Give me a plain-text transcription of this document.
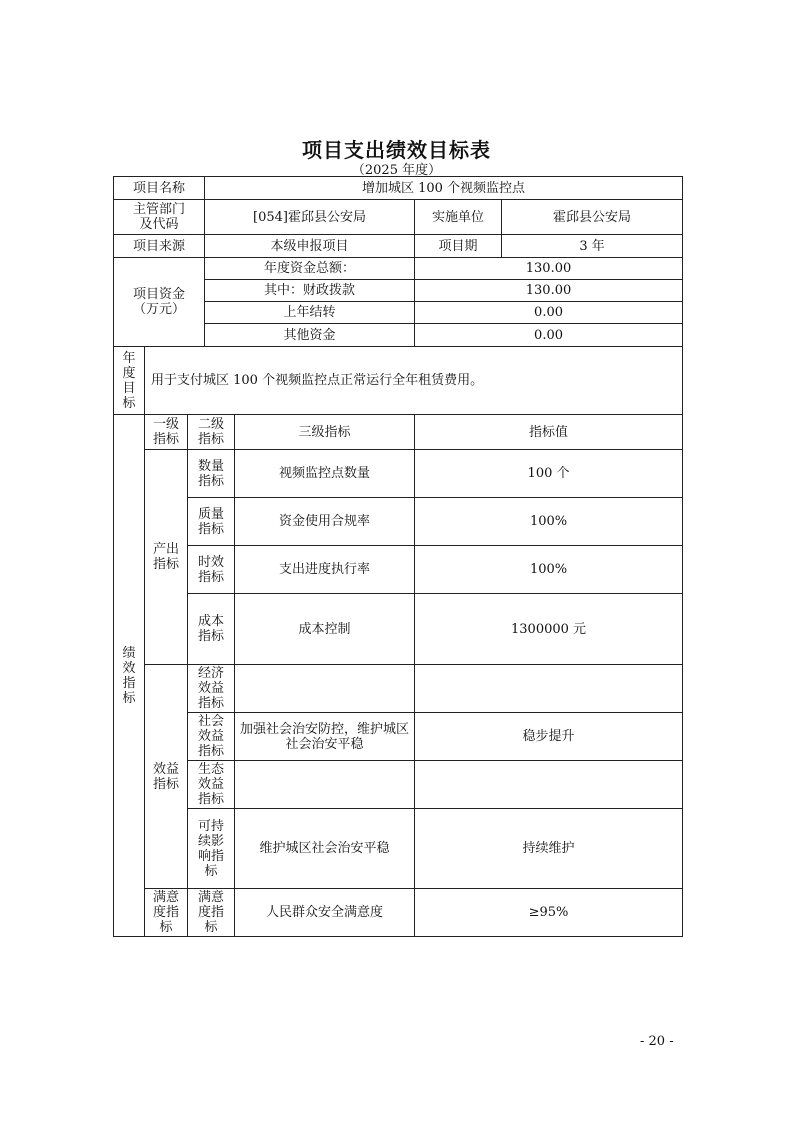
项目支出绩效目标表
（2025 年度）
项目名称			增加城区 100 个视频监控点			

主管部门
及代码			[054]霍邱县公安局		实施单位	霍邱县公安局
项目来源			本级申报项目		项目期	3 年

项目资金
（万元）			年度资金总额：		130.00	
			其中：财政拨款		130.00	
			上年结转		0.00	
			其他资金		0.00	
年度目标	用于支付城区 100 个视频监控点正常运行全年租赁费用。					
绩效指标	一级指标	二级指标		三级指标	指标值	
	产出指标	数量指标		视频监控点数量	100 个	
		质量指标		资金使用合规率	100%	
		时效指标		支出进度执行率	100%	
		成本指标		成本控制	1300000 元	
	效益指标	经济效益指标				
		社会效益指标		加强社会治安防控，维护城区社会治安平稳	稳步提升	
		生态效益指标				
		可持续影响指标		维护城区社会治安平稳	持续维护	
	满意度指标	满意度指标		人民群众安全满意度	≥95%	
- 20 -
